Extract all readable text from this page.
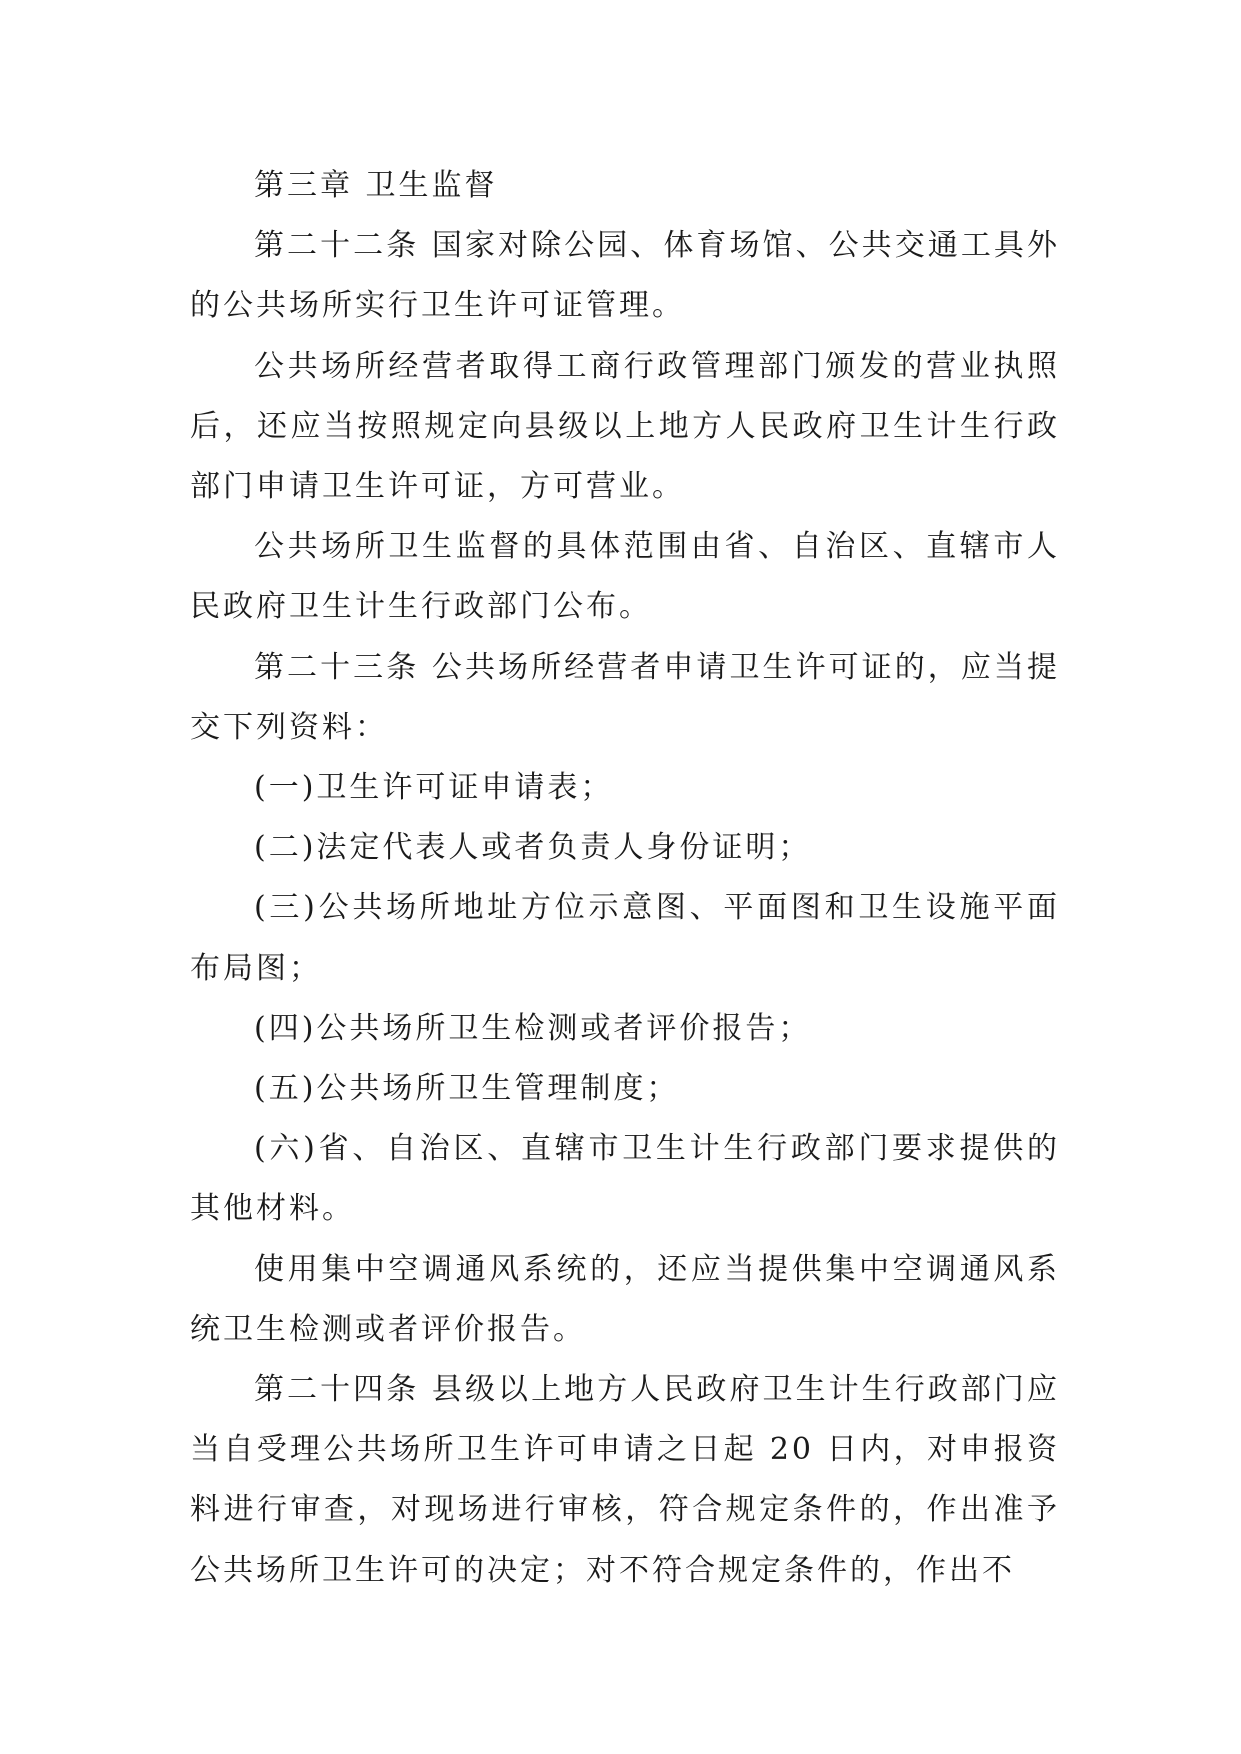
第三章 卫生监督

第二十二条 国家对除公园、体育场馆、公共交通工具外的公共场所实行卫生许可证管理。

公共场所经营者取得工商行政管理部门颁发的营业执照后，还应当按照规定向县级以上地方人民政府卫生计生行政部门申请卫生许可证，方可营业。

公共场所卫生监督的具体范围由省、自治区、直辖市人民政府卫生计生行政部门公布。

第二十三条 公共场所经营者申请卫生许可证的，应当提交下列资料：

(一)卫生许可证申请表；

(二)法定代表人或者负责人身份证明；

(三)公共场所地址方位示意图、平面图和卫生设施平面布局图；

(四)公共场所卫生检测或者评价报告；

(五)公共场所卫生管理制度；

(六)省、自治区、直辖市卫生计生行政部门要求提供的其他材料。

使用集中空调通风系统的，还应当提供集中空调通风系统卫生检测或者评价报告。

第二十四条 县级以上地方人民政府卫生计生行政部门应当自受理公共场所卫生许可申请之日起 20 日内，对申报资料进行审查，对现场进行审核，符合规定条件的，作出准予公共场所卫生许可的决定；对不符合规定条件的，作出不
